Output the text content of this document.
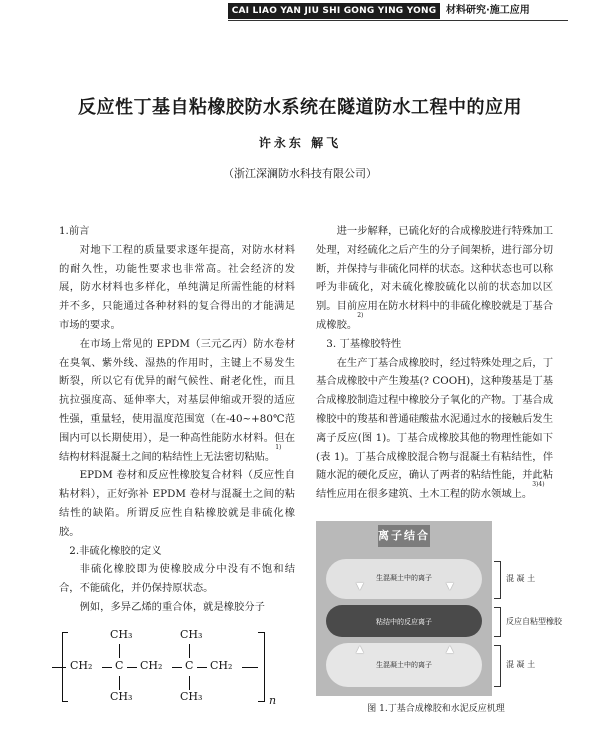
CAI LIAO YAN JIU SHI GONG YING YONG 材料研究·施工应用
反应性丁基自粘橡胶防水系统在隧道防水工程中的应用
许永东 解飞
（浙江深澜防水科技有限公司）

1.前言

对地下工程的质量要求逐年提高，对防水材料的耐久性，功能性要求也非常高。社会经济的发展，防水材料也多样化，单纯满足所需性能的材料并不多，只能通过各种材料的复合得出的才能满足市场的要求。

在市场上常见的 EPDM（三元乙丙）防水卷材在臭氧、紫外线、湿热的作用时，主键上不易发生断裂，所以它有优异的耐气候性、耐老化性，而且抗拉强度高、延伸率大，对基层伸缩或开裂的适应性强，重量轻，使用温度范围宽（在-40~+80℃范围内可以长期使用），是一种高性能防水材料。但在结构材料混凝土之间的粘结性上无法密切粘贴。$^{1)}$

EPDM 卷材和反应性橡胶复合材料（反应性自粘材料），正好弥补 EPDM 卷材与混凝土之间的粘结性的缺陷。所谓反应性自粘橡胶就是非硫化橡胶。

2.非硫化橡胶的定义

非硫化橡胶即为使橡胶成分中没有不饱和结合，不能硫化，并仍保持原状态。

例如，多异乙烯的重合体，就是橡胶分子

CH₂ C CH₂ C CH₂
CH₃
CH₃
CH₃
CH₃	n

进一步解释，已硫化好的合成橡胶进行特殊加工处理，对经硫化之后产生的分子间架桥，进行部分切断，并保持与非硫化同样的状态。这种状态也可以称呼为非硫化，对未硫化橡胶硫化以前的状态加以区别。目前应用在防水材料中的非硫化橡胶就是丁基合成橡胶。$^{2)}$

3. 丁基橡胶特性

在生产丁基合成橡胶时，经过特殊处理之后，丁基合成橡胶中产生羧基(? COOH)，这种羧基是丁基合成橡胶制造过程中橡胶分子氧化的产物。丁基合成橡胶中的羧基和普通硅酸盐水泥通过水的接触后发生离子反应(图 1)。丁基合成橡胶其他的物理性能如下(表 1)。丁基合成橡胶混合物与混凝土有粘结性，伴随水泥的硬化反应，确认了两者的粘结性能，并此粘结性应用在很多建筑、土木工程的防水领域上。$^{3)4)}$

离子结合
生混凝土中的离子
粘结中的反应离子
生混凝土中的离子
▼	▼
▲	▲
混 凝 土
反应自粘型橡胶
混 凝 土
图 1.丁基合成橡胶和水泥反应机理
